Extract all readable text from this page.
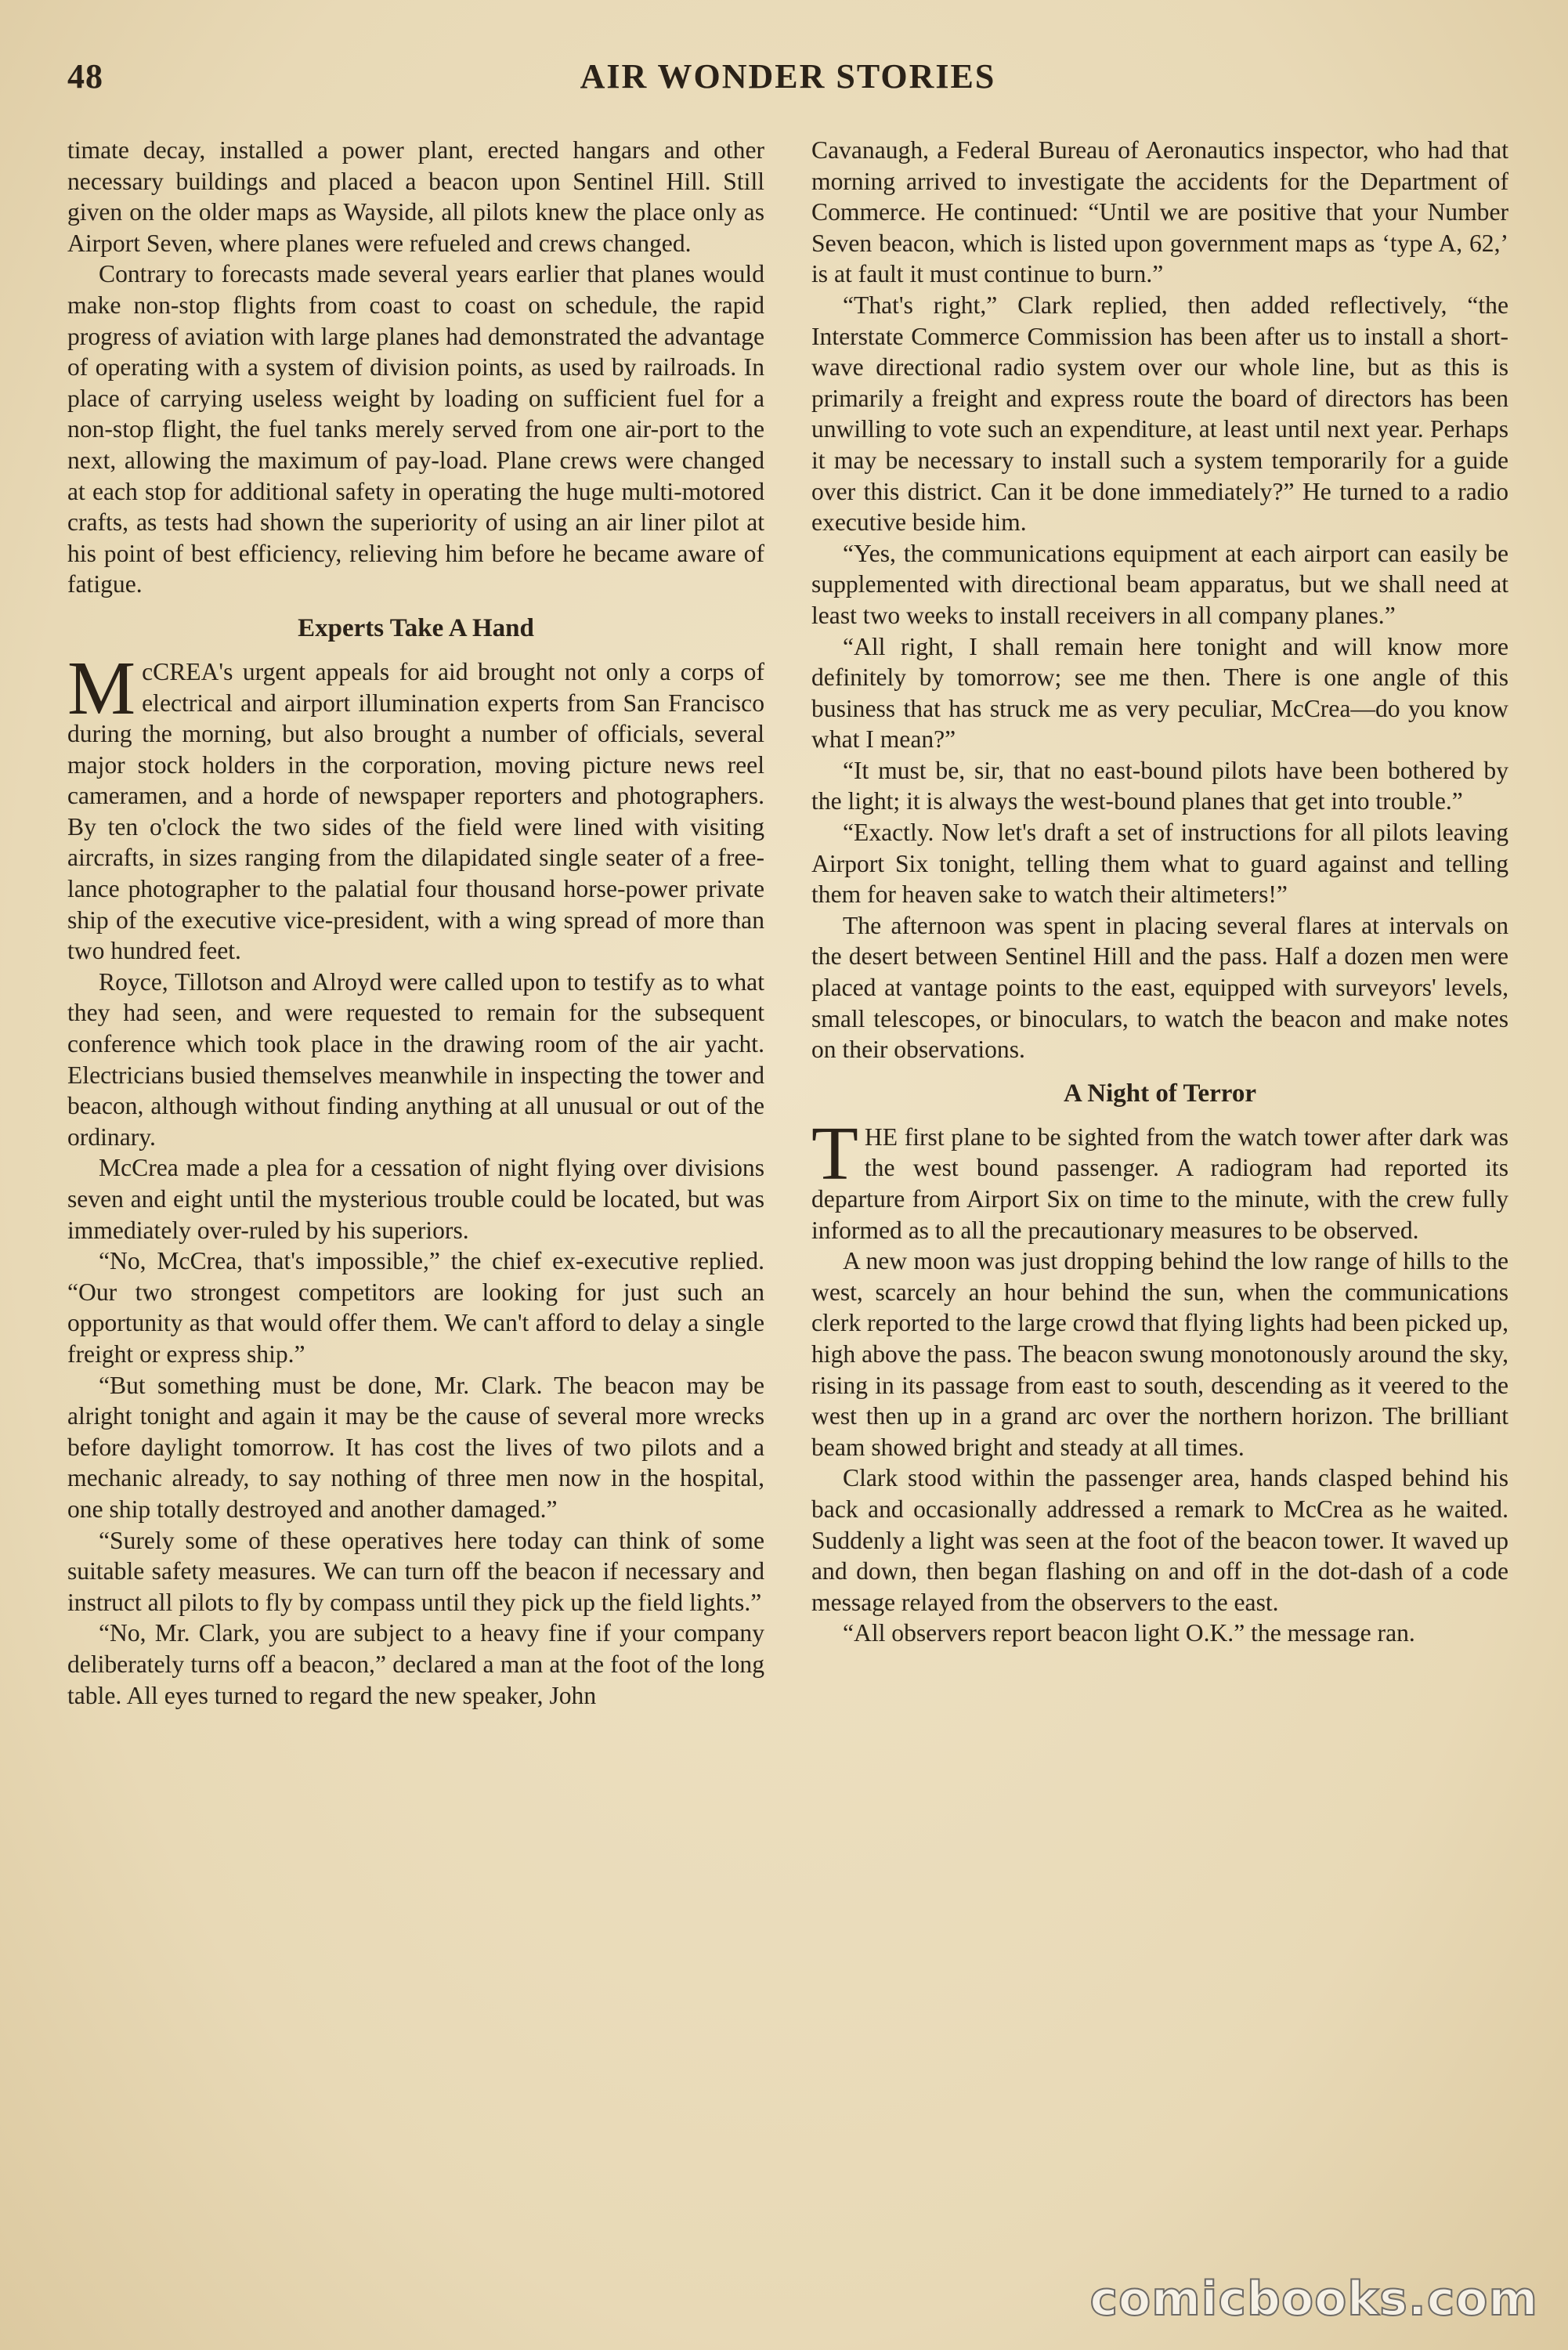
48	AIR WONDER STORIES

timate decay, installed a power plant, erected hangars and other necessary buildings and placed a beacon upon Sentinel Hill. Still given on the older maps as Wayside, all pilots knew the place only as Airport Seven, where planes were refueled and crews changed.

Contrary to forecasts made several years earlier that planes would make non-stop flights from coast to coast on schedule, the rapid progress of aviation with large planes had demonstrated the advantage of operating with a system of division points, as used by railroads. In place of carrying useless weight by loading on sufficient fuel for a non-stop flight, the fuel tanks merely served from one air-port to the next, allowing the maximum of pay-load. Plane crews were changed at each stop for additional safety in operating the huge multi-motored crafts, as tests had shown the superiority of using an air liner pilot at his point of best efficiency, relieving him before he became aware of fatigue.

Experts Take A Hand

McCREA's urgent appeals for aid brought not only a corps of electrical and airport illumination experts from San Francisco during the morning, but also brought a number of officials, several major stock holders in the corporation, moving picture news reel cameramen, and a horde of newspaper reporters and photographers. By ten o'clock the two sides of the field were lined with visiting aircrafts, in sizes ranging from the dilapidated single seater of a free-lance photographer to the palatial four thousand horse-power private ship of the executive vice-president, with a wing spread of more than two hundred feet.

Royce, Tillotson and Alroyd were called upon to testify as to what they had seen, and were requested to remain for the subsequent conference which took place in the drawing room of the air yacht. Electricians busied themselves meanwhile in inspecting the tower and beacon, although without finding anything at all unusual or out of the ordinary.

McCrea made a plea for a cessation of night flying over divisions seven and eight until the mysterious trouble could be located, but was immediately over-ruled by his superiors.

“No, McCrea, that's impossible,” the chief ex-executive replied. “Our two strongest competitors are looking for just such an opportunity as that would offer them. We can't afford to delay a single freight or express ship.”

“But something must be done, Mr. Clark. The beacon may be alright tonight and again it may be the cause of several more wrecks before daylight tomorrow. It has cost the lives of two pilots and a mechanic already, to say nothing of three men now in the hospital, one ship totally destroyed and another damaged.”

“Surely some of these operatives here today can think of some suitable safety measures. We can turn off the beacon if necessary and instruct all pilots to fly by compass until they pick up the field lights.”

“No, Mr. Clark, you are subject to a heavy fine if your company deliberately turns off a beacon,” declared a man at the foot of the long table. All eyes turned to regard the new speaker, John

Cavanaugh, a Federal Bureau of Aeronautics inspector, who had that morning arrived to investigate the accidents for the Department of Commerce. He continued: “Until we are positive that your Number Seven beacon, which is listed upon government maps as ‘type A, 62,’ is at fault it must continue to burn.”

“That's right,” Clark replied, then added reflectively, “the Interstate Commerce Commission has been after us to install a short-wave directional radio system over our whole line, but as this is primarily a freight and express route the board of directors has been unwilling to vote such an expenditure, at least until next year. Perhaps it may be necessary to install such a system temporarily for a guide over this district. Can it be done immediately?” He turned to a radio executive beside him.

“Yes, the communications equipment at each airport can easily be supplemented with directional beam apparatus, but we shall need at least two weeks to install receivers in all company planes.”

“All right, I shall remain here tonight and will know more definitely by tomorrow; see me then. There is one angle of this business that has struck me as very peculiar, McCrea—do you know what I mean?”

“It must be, sir, that no east-bound pilots have been bothered by the light; it is always the west-bound planes that get into trouble.”

“Exactly. Now let's draft a set of instructions for all pilots leaving Airport Six tonight, telling them what to guard against and telling them for heaven sake to watch their altimeters!”

The afternoon was spent in placing several flares at intervals on the desert between Sentinel Hill and the pass. Half a dozen men were placed at vantage points to the east, equipped with surveyors' levels, small telescopes, or binoculars, to watch the beacon and make notes on their observations.

A Night of Terror

THE first plane to be sighted from the watch tower after dark was the west bound passenger. A radiogram had reported its departure from Airport Six on time to the minute, with the crew fully informed as to all the precautionary measures to be observed.

A new moon was just dropping behind the low range of hills to the west, scarcely an hour behind the sun, when the communications clerk reported to the large crowd that flying lights had been picked up, high above the pass. The beacon swung monotonously around the sky, rising in its passage from east to south, descending as it veered to the west then up in a grand arc over the northern horizon. The brilliant beam showed bright and steady at all times.

Clark stood within the passenger area, hands clasped behind his back and occasionally addressed a remark to McCrea as he waited. Suddenly a light was seen at the foot of the beacon tower. It waved up and down, then began flashing on and off in the dot-dash of a code message relayed from the observers to the east.

“All observers report beacon light O.K.” the message ran.

comicbooks.com
